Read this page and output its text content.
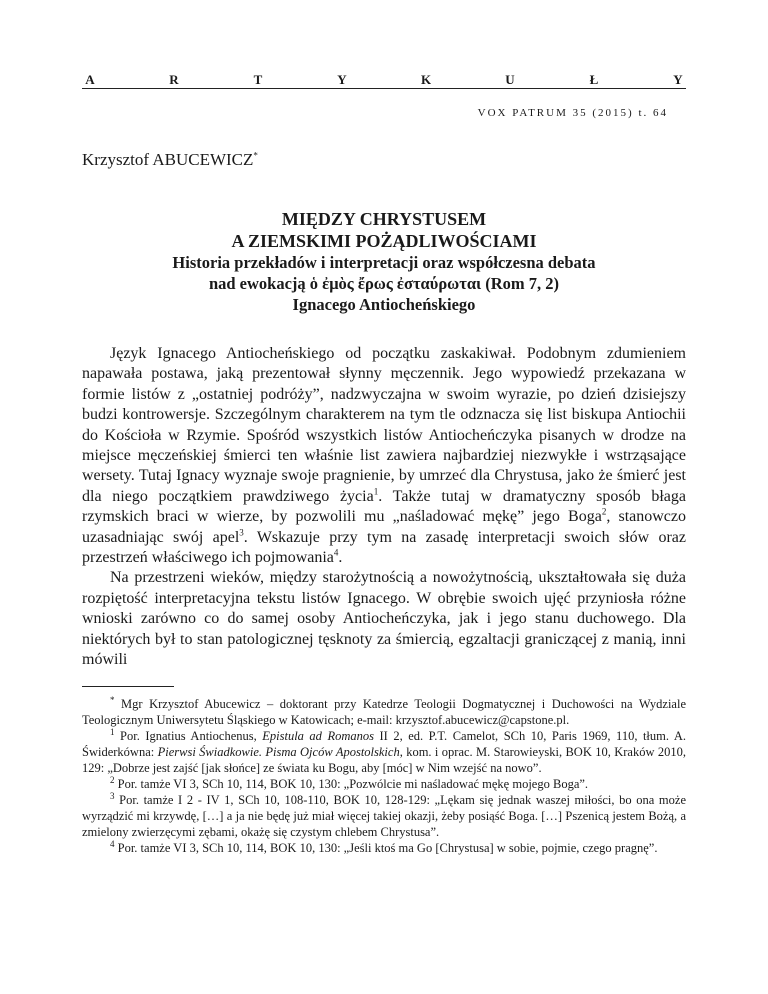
A	R	T	Y	K	U	Ł	Y
VOX PATRUM 35 (2015) t. 64
Krzysztof ABUCEWICZ*
MIĘDZY CHRYSTUSEM
A ZIEMSKIMI POŻĄDLIWOŚCIAMI
Historia przekładów i interpretacji oraz współczesna debata
nad ewokacją ὁ ἐμὸς ἔρως ἐσταύρωται (Rom 7, 2)
Ignacego Antiocheńskiego

Język Ignacego Antiocheńskiego od początku zaskakiwał. Podobnym zdumieniem napawała postawa, jaką prezentował słynny męczennik. Jego wypowiedź przekazana w formie listów z „ostatniej podróży”, nadzwyczajna w swoim wyrazie, po dzień dzisiejszy budzi kontrowersje. Szczególnym charakterem na tym tle odznacza się list biskupa Antiochii do Kościoła w Rzymie. Spośród wszystkich listów Antiocheńczyka pisanych w drodze na miejsce męczeńskiej śmierci ten właśnie list zawiera najbardziej niezwykłe i wstrząsające wersety. Tutaj Ignacy wyznaje swoje pragnienie, by umrzeć dla Chrystusa, jako że śmierć jest dla niego początkiem prawdziwego życia$^1$. Także tutaj w dramatyczny sposób błaga rzymskich braci w wierze, by pozwolili mu „naśladować mękę” jego Boga$^2$, stanowczo uzasadniając swój apel$^3$. Wskazuje przy tym na zasadę interpretacji swoich słów oraz przestrzeń właściwego ich pojmowania$^4$.

Na przestrzeni wieków, między starożytnością a nowożytnością, ukształtowała się duża rozpiętość interpretacyjna tekstu listów Ignacego. W obrębie swoich ujęć przyniosła różne wnioski zarówno co do samej osoby Antiocheńczyka, jak i jego stanu duchowego. Dla niektórych był to stan patologicznej tęsknoty za śmiercią, egzaltacji graniczącej z manią, inni mówili

* Mgr Krzysztof Abucewicz – doktorant przy Katedrze Teologii Dogmatycznej i Duchowości na Wydziale Teologicznym Uniwersytetu Śląskiego w Katowicach; e-mail: krzysztof.abucewicz@capstone.pl.

$^1$ Por. Ignatius Antiochenus, Epistula ad Romanos II 2, ed. P.T. Camelot, SCh 10, Paris 1969, 110, tłum. A. Świderkówna: Pierwsi Świadkowie. Pisma Ojców Apostolskich, kom. i oprac. M. Starowieyski, BOK 10, Kraków 2010, 129: „Dobrze jest zajść [jak słońce] ze świata ku Bogu, aby [móc] w Nim wzejść na nowo”.

$^2$ Por. tamże VI 3, SCh 10, 114, BOK 10, 130: „Pozwólcie mi naśladować mękę mojego Boga”.

$^3$ Por. tamże I 2 - IV 1, SCh 10, 108-110, BOK 10, 128-129: „Lękam się jednak waszej miłości, bo ona może wyrządzić mi krzywdę, […] a ja nie będę już miał więcej takiej okazji, żeby posiąść Boga. […] Pszenicą jestem Bożą, a zmielony zwierzęcymi zębami, okażę się czystym chlebem Chrystusa”.

$^4$ Por. tamże VI 3, SCh 10, 114, BOK 10, 130: „Jeśli ktoś ma Go [Chrystusa] w sobie, pojmie, czego pragnę”.
